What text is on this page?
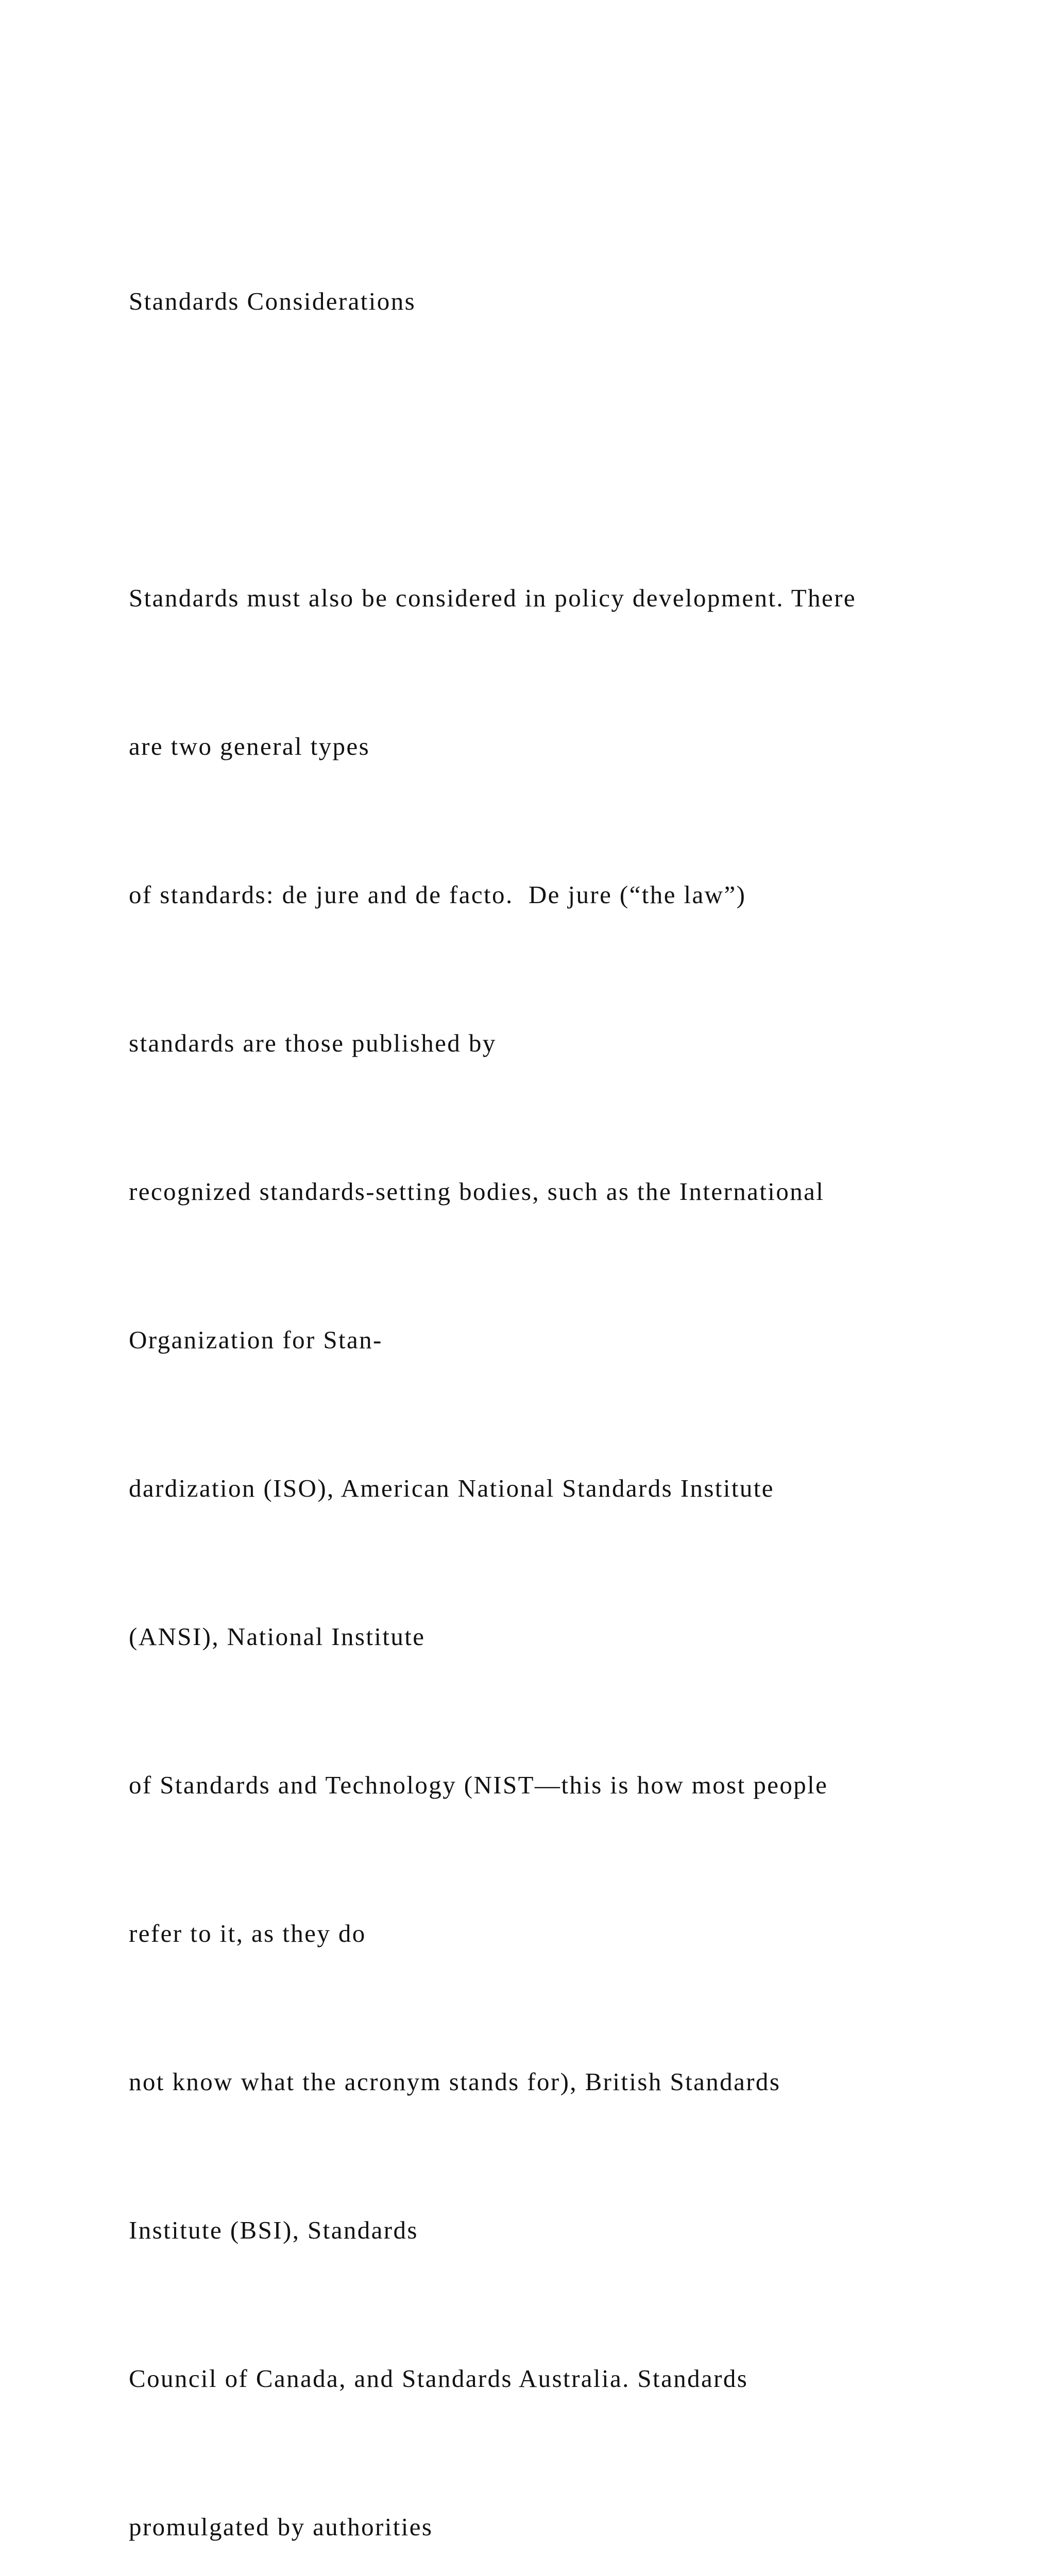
Standards Considerations

Standards must also be considered in policy development. There

are two general types

of standards: de jure and de facto.  De jure (“the law”)

standards are those published by

recognized standards-setting bodies, such as the International

Organization for Stan-

dardization (ISO), American National Standards Institute

(ANSI), National Institute

of Standards and Technology (NIST—this is how most people

refer to it, as they do

not know what the acronym stands for), British Standards

Institute (BSI), Standards

Council of Canada, and Standards Australia. Standards

promulgated by authorities
